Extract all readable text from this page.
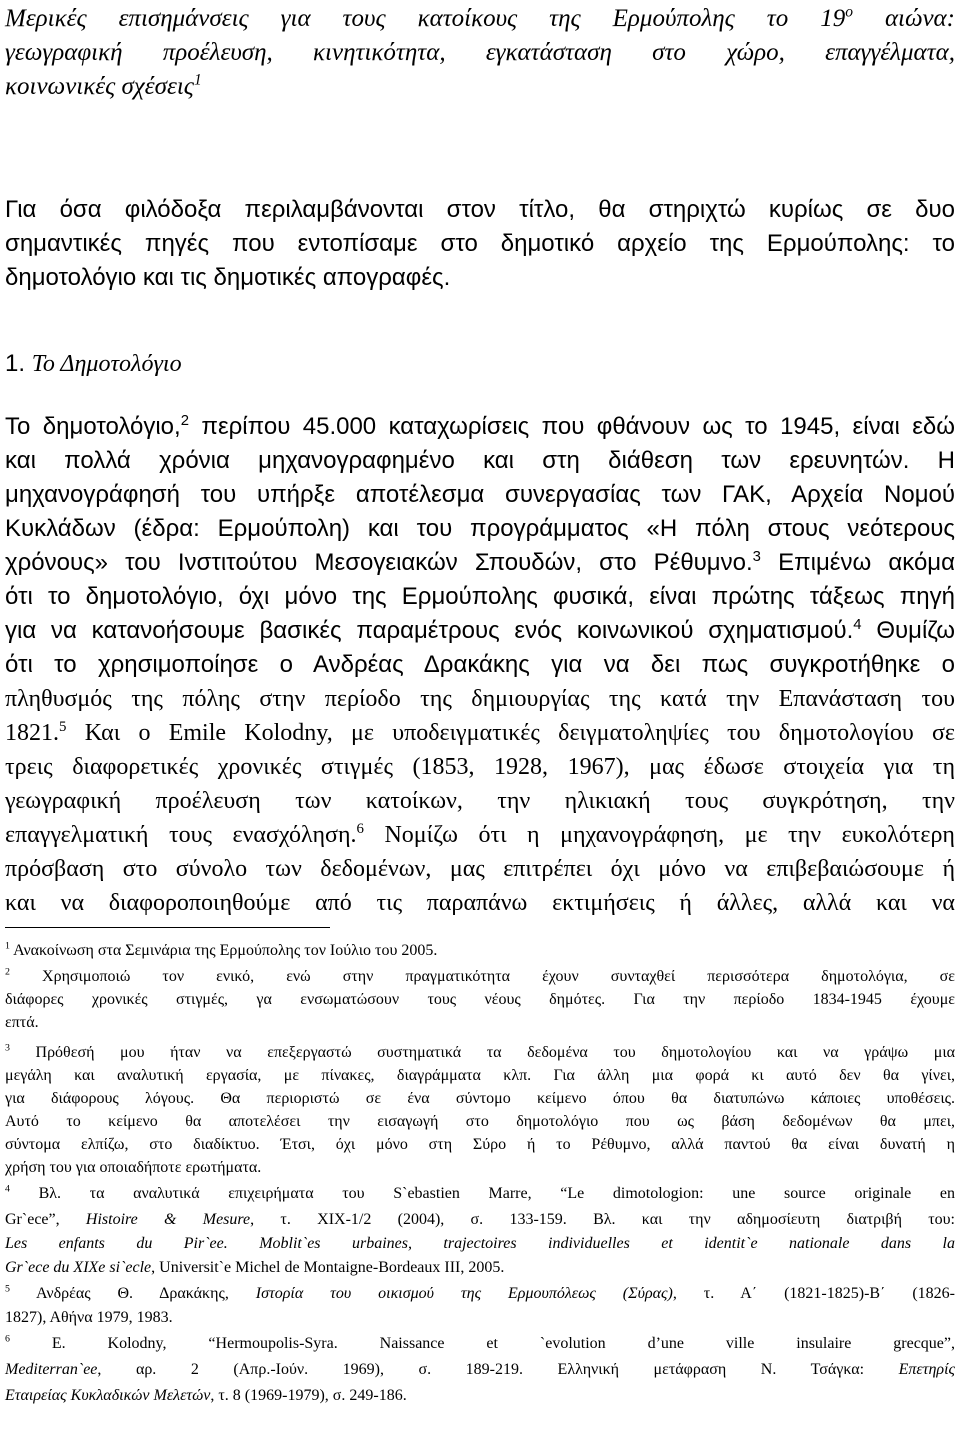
Μερικές επισημάνσεις για τους κατοίκους της Ερμούπολης το $19^o$ αιώνα:
γεωγραφική προέλευση, κινητικότητα, εγκατάσταση στο χώρο, επαγγέλματα,
κοινωνικές σχέσεις$^1$
Για όσα φιλόδοξα περιλαμβάνονται στον τίτλο, θα στηριχτώ κυρίως σε δυο
σημαντικές πηγές που εντοπίσαμε στο δημοτικό αρχείο της Ερμούπολης: το
δημοτολόγιο και τις δημοτικές απογραφές.
1. Το Δημοτολόγιο
Το δημοτολόγιο,$^2$ περίπου 45.000 καταχωρίσεις που φθάνουν ως το 1945, είναι εδώ
και πολλά χρόνια μηχανογραφημένο και στη διάθεση των ερευνητών. Η
μηχανογράφησή του υπήρξε αποτέλεσμα συνεργασίας των ΓΑΚ, Αρχεία Νομού
Κυκλάδων (έδρα: Ερμούπολη) και του προγράμματος «Η πόλη στους νεότερους
χρόνους» του Ινστιτούτου Μεσογειακών Σπουδών, στο Ρέθυμνο.$^3$ Επιμένω ακόμα
ότι το δημοτολόγιο, όχι μόνο της Ερμούπολης φυσικά, είναι πρώτης τάξεως πηγή
για να κατανοήσουμε βασικές παραμέτρους ενός κοινωνικού σχηματισμού.$^4$ Θυμίζω
ότι το χρησιμοποίησε ο Ανδρέας Δρακάκης για να δει πως συγκροτήθηκε ο
πληθυσμός της πόλης στην περίοδο της δημιουργίας της κατά την Επανάσταση του
1821.$^5$ Και ο Emile Kolodny, με υποδειγματικές δειγματοληψίες του δημοτολογίου σε
τρεις διαφορετικές χρονικές στιγμές (1853, 1928, 1967), μας έδωσε στοιχεία για τη
γεωγραφική προέλευση των κατοίκων, την ηλικιακή τους συγκρότηση, την
επαγγελματική τους ενασχόληση.$^6$ Νομίζω ότι η μηχανογράφηση, με την ευκολότερη
πρόσβαση στο σύνολο των δεδομένων, μας επιτρέπει όχι μόνο να επιβεβαιώσουμε ή
και να διαφοροποιηθούμε από τις παραπάνω εκτιμήσεις ή άλλες, αλλά και να
$^1$ Ανακοίνωση στα Σεμινάρια της Ερμούπολης τον Ιούλιο του 2005.
$^2$ Χρησιμοποιώ τον ενικό, ενώ στην πραγματικότητα έχουν συνταχθεί περισσότερα δημοτολόγια, σε
διάφορες χρονικές στιγμές, γα ενσωματώσουν τους νέους δημότες. Για την περίοδο 1834-1945 έχουμε
επτά.
$^3$ Πρόθεσή μου ήταν να επεξεργαστώ συστηματικά τα δεδομένα του δημοτολογίου και να γράψω μια
μεγάλη και αναλυτική εργασία, με πίνακες, διαγράμματα κλπ. Για άλλη μια φορά κι αυτό δεν θα γίνει,
για διάφορους λόγους. Θα περιοριστώ σε ένα σύντομο κείμενο όπου θα διατυπώνω κάποιες υποθέσεις.
Αυτό το κείμενο θα αποτελέσει την εισαγωγή στο δημοτολόγιο που ως βάση δεδομένων θα μπει,
σύντομα ελπίζω, στο διαδίκτυο. Έτσι, όχι μόνο στη Σύρο ή το Ρέθυμνο, αλλά παντού θα είναι δυνατή η
χρήση του για οποιαδήποτε ερωτήματα.
$^4$ Βλ. τα αναλυτικά επιχειρήματα του S`ebastien Marre, “Le dimotologion: une source originale en
Gr`ece”, Histoire & Mesure, τ. XIX-1/2 (2004), σ. 133-159. Βλ. και την αδημοσίευτη διατριβή του:
Les enfants du Pir`ee. Moblit`es urbaines, trajectoires individuelles et identit`e nationale dans la
Gr`ece du XIXe si`ecle, Universit`e Michel de Montaigne-Bordeaux III, 2005.
$^5$ Ανδρέας Θ. Δρακάκης, Ιστορία του οικισμού της Ερμουπόλεως (Σύρας), τ. Α΄ (1821-1825)-Β΄ (1826-
1827), Αθήνα 1979, 1983.
$^6$ E. Kolodny, “Hermoupolis-Syra. Naissance et `evolution d’une ville insulaire grecque”,
Mediterran`ee, αρ. 2 (Απρ.-Ιούν. 1969), σ. 189-219. Ελληνική μετάφραση Ν. Τσάγκα: Επετηρίς
Εταιρείας Κυκλαδικών Μελετών, τ. 8 (1969-1979), σ. 249-186.
